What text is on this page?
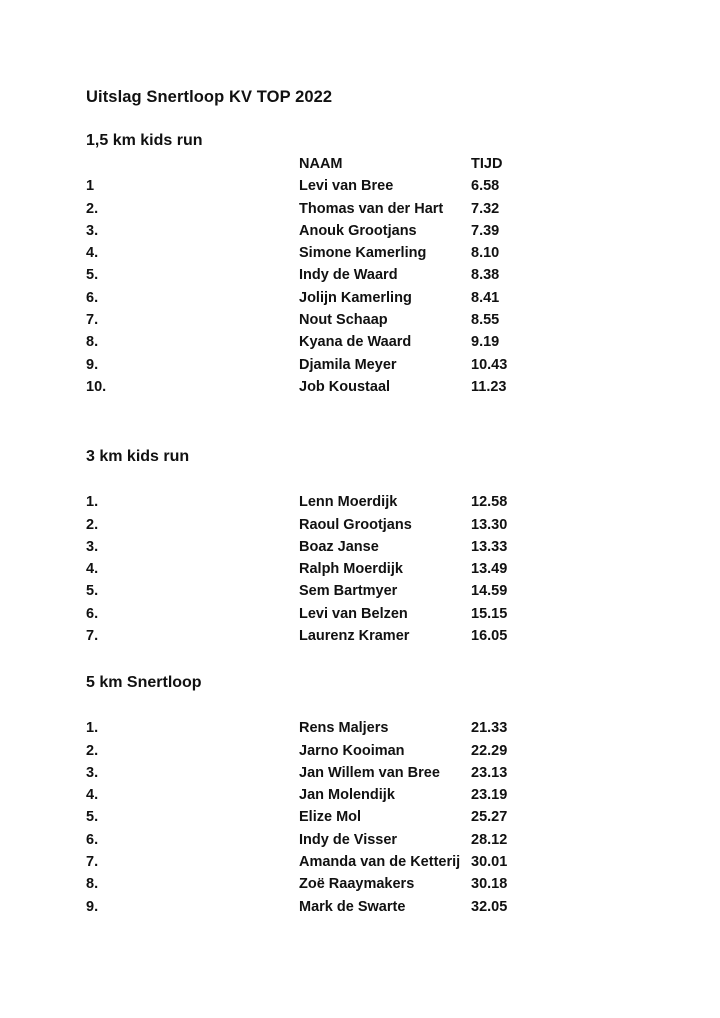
Uitslag Snertloop KV TOP 2022
1,5 km kids run
NAAM	TIJD
1	Levi van Bree	6.58
2.	Thomas van der Hart 7.32
3.	Anouk Grootjans	7.39
4.	Simone Kamerling	8.10
5.	Indy de Waard	8.38
6.	Jolijn Kamerling	8.41
7.	Nout Schaap	8.55
8.	Kyana de Waard	9.19
9.	Djamila Meyer	10.43
10.	Job Koustaal	11.23
3 km kids run
1.	Lenn Moerdijk	12.58
2.	Raoul Grootjans	13.30
3.	Boaz Janse	13.33
4.	Ralph Moerdijk	13.49
5.	Sem Bartmyer	14.59
6.	Levi van Belzen	15.15
7.	Laurenz Kramer	16.05
5 km Snertloop
1.	Rens Maljers	21.33
2.	Jarno Kooiman	22.29
3.	Jan Willem van Bree 23.13
4.	Jan Molendijk	23.19
5.	Elize Mol	25.27
6.	Indy de Visser	28.12
7.	Amanda van de Ketterij 30.01
8.	Zoë Raaymakers	30.18
9.	Mark de Swarte	32.05
